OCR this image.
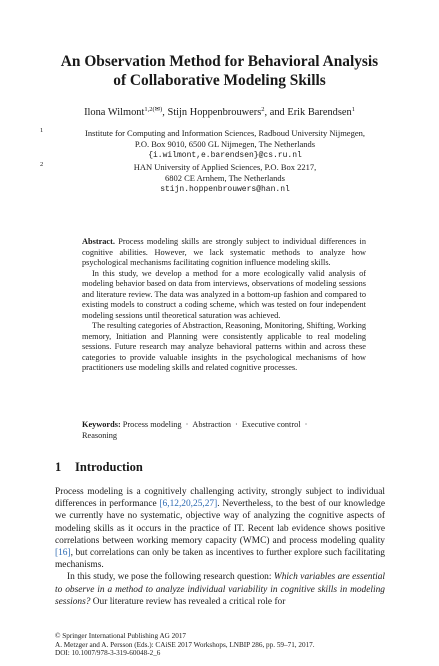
An Observation Method for Behavioral Analysis
of Collaborative Modeling Skills
Ilona Wilmont$^{1,2(✉)}$, Stijn Hoppenbrouwers$^2$, and Erik Barendsen$^1$
1	Institute for Computing and Information Sciences, Radboud University Nijmegen,
P.O. Box 9010, 6500 GL Nijmegen, The Netherlands
{i.wilmont,e.barendsen}@cs.ru.nl
2	HAN University of Applied Sciences, P.O. Box 2217,
6802 CE Arnhem, The Netherlands
stijn.hoppenbrouwers@han.nl

Abstract. Process modeling skills are strongly subject to individual differences in cognitive abilities. However, we lack systematic methods to analyze how psychological mechanisms facilitating cognition influence modeling skills.

In this study, we develop a method for a more ecologically valid analysis of modeling behavior based on data from interviews, observations of modeling sessions and literature review. The data was analyzed in a bottom-up fashion and compared to existing models to construct a coding scheme, which was tested on four independent modeling sessions until theoretical saturation was achieved.

The resulting categories of Abstraction, Reasoning, Monitoring, Shifting, Working memory, Initiation and Planning were consistently applicable to real modeling sessions. Future research may analyze behavioral patterns within and across these categories to provide valuable insights in the psychological mechanisms of how practitioners use modeling skills and related cognitive processes.

Keywords: Process modeling · Abstraction · Executive control ·
Reasoning
1 Introduction

Process modeling is a cognitively challenging activity, strongly subject to individual differences in performance [6,12,20,25,27]. Nevertheless, to the best of our knowledge we currently have no systematic, objective way of analyzing the cognitive aspects of modeling skills as it occurs in the practice of IT. Recent lab evidence shows positive correlations between working memory capacity (WMC) and process modeling quality [16], but correlations can only be taken as incentives to further explore such facilitating mechanisms.

In this study, we pose the following research question: Which variables are essential to observe in a method to analyze individual variability in cognitive skills in modeling sessions? Our literature review has revealed a critical role for

© Springer International Publishing AG 2017
A. Metzger and A. Persson (Eds.): CAiSE 2017 Workshops, LNBIP 286, pp. 59–71, 2017.
DOI: 10.1007/978-3-319-60048-2_6
